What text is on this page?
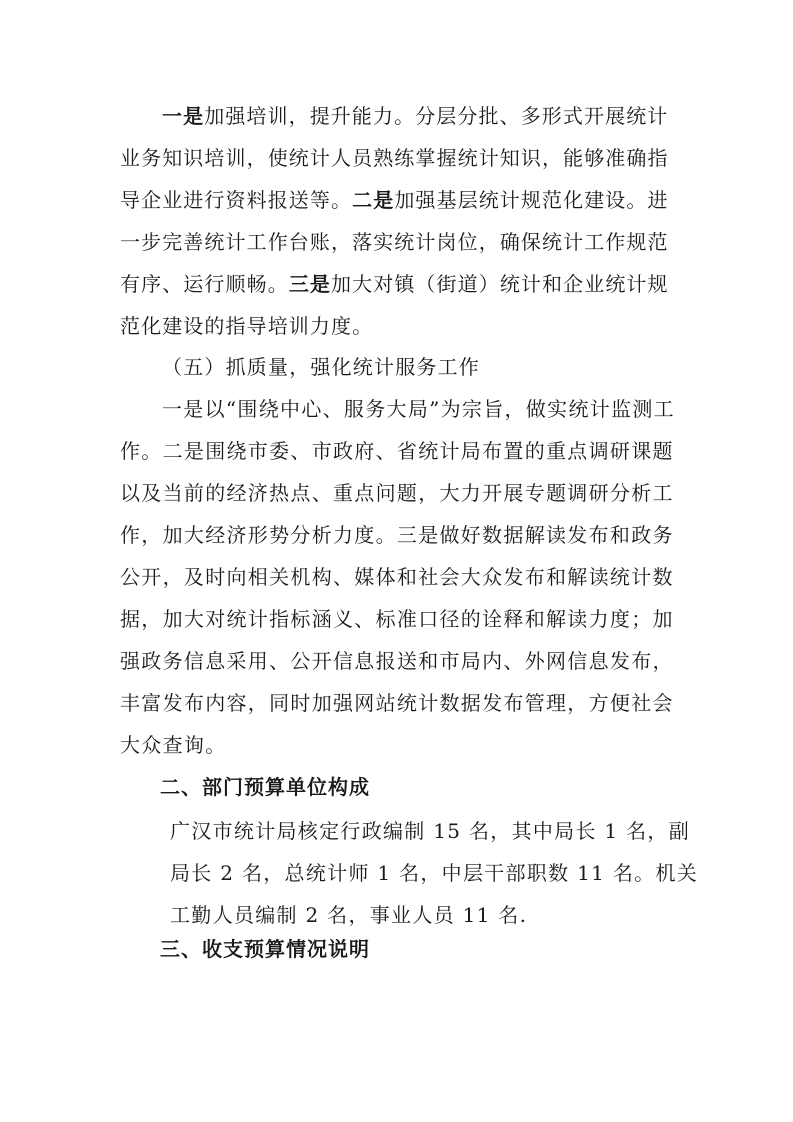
一是加强培训，提升能力。分层分批、多形式开展统计
业务知识培训，使统计人员熟练掌握统计知识，能够准确指
导企业进行资料报送等。二是加强基层统计规范化建设。进
一步完善统计工作台账，落实统计岗位，确保统计工作规范
有序、运行顺畅。三是加大对镇（街道）统计和企业统计规
范化建设的指导培训力度。
（五）抓质量，强化统计服务工作
一是以“围绕中心、服务大局”为宗旨，做实统计监测工
作。二是围绕市委、市政府、省统计局布置的重点调研课题
以及当前的经济热点、重点问题，大力开展专题调研分析工
作，加大经济形势分析力度。三是做好数据解读发布和政务
公开，及时向相关机构、媒体和社会大众发布和解读统计数
据，加大对统计指标涵义、标准口径的诠释和解读力度；加
强政务信息采用、公开信息报送和市局内、外网信息发布，
丰富发布内容，同时加强网站统计数据发布管理，方便社会
大众查询。
二、部门预算单位构成
广汉市统计局核定行政编制 15 名，其中局长 1 名，副
局长 2 名，总统计师 1 名，中层干部职数 11 名。机关
工勤人员编制 2 名，事业人员 11 名.
三、收支预算情况说明
